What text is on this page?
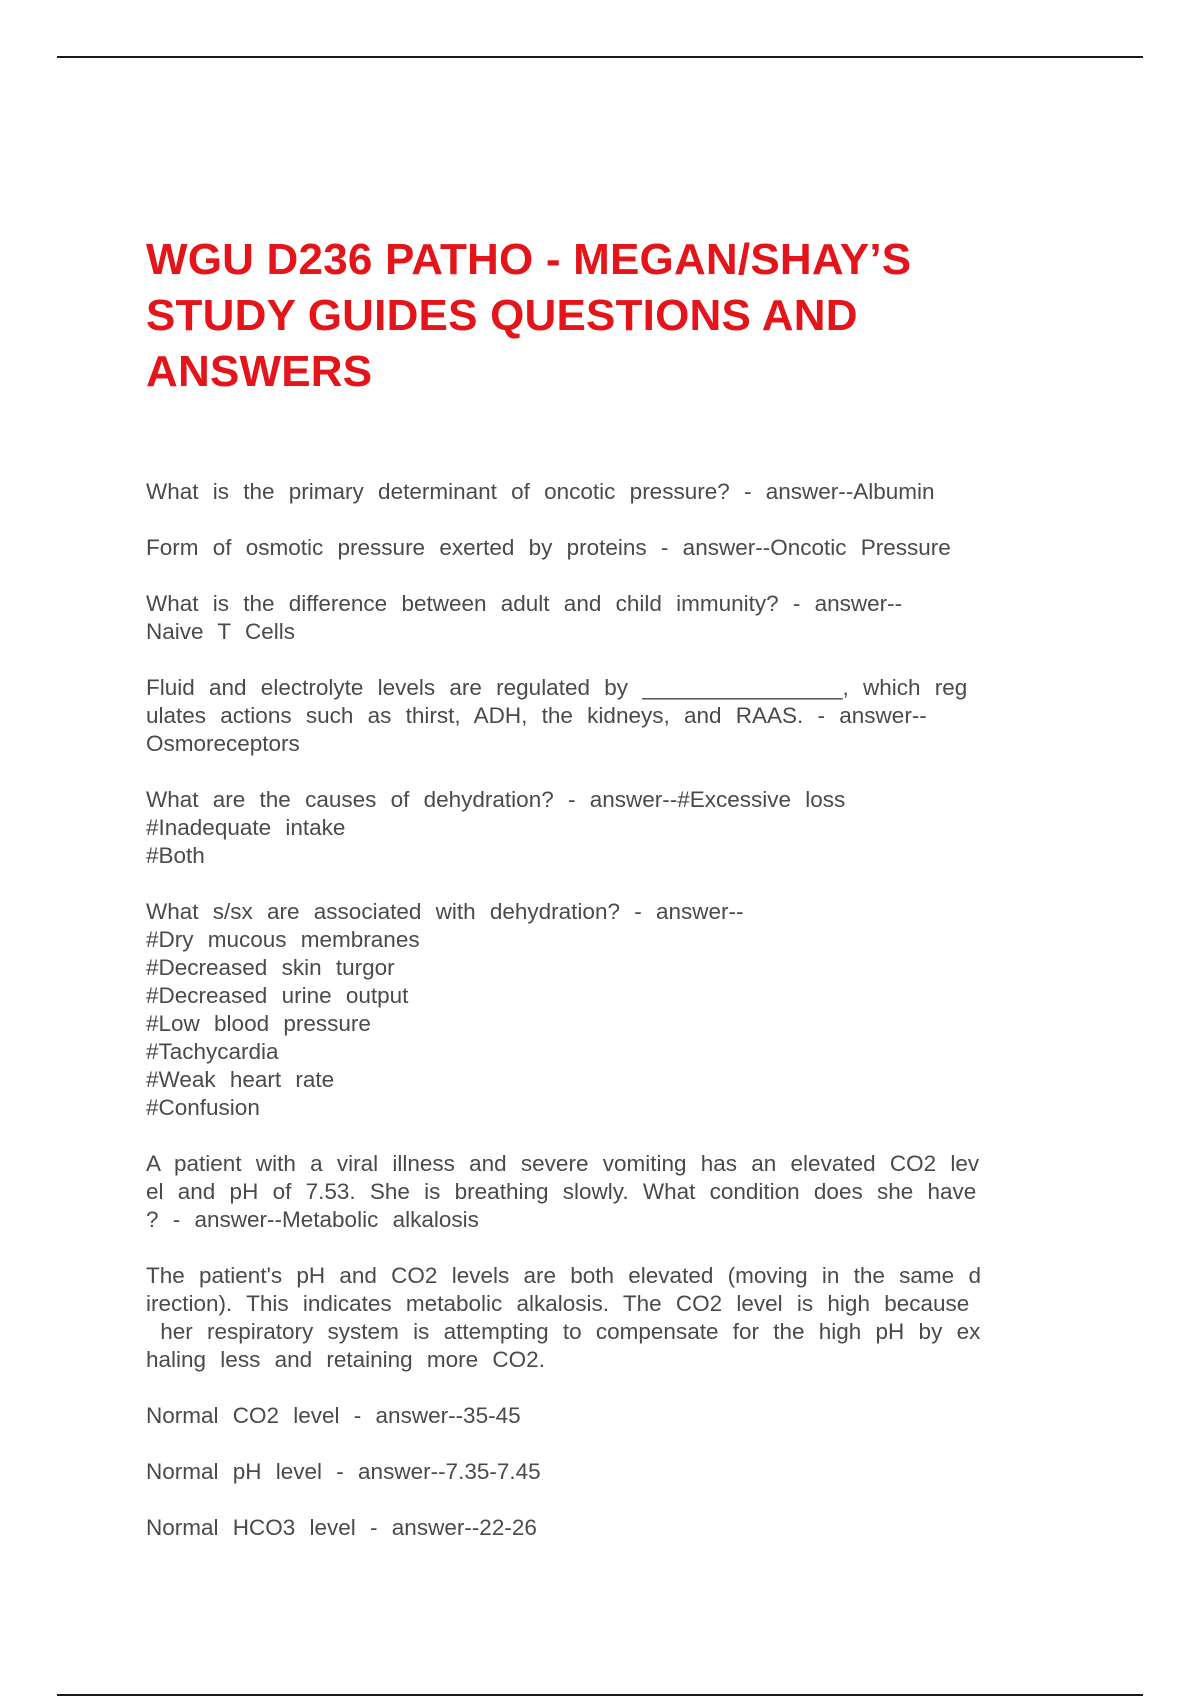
WGU D236 PATHO - MEGAN/SHAY’S
STUDY GUIDES QUESTIONS AND
ANSWERS

What is the primary determinant of oncotic pressure? - answer--Albumin

Form of osmotic pressure exerted by proteins - answer--Oncotic Pressure

What is the difference between adult and child immunity? - answer--
Naive T Cells

Fluid and electrolyte levels are regulated by ________________, which reg
ulates actions such as thirst, ADH, the kidneys, and RAAS. - answer--
Osmoreceptors

What are the causes of dehydration? - answer--#Excessive loss
#Inadequate intake
#Both

What s/sx are associated with dehydration? - answer--
#Dry mucous membranes
#Decreased skin turgor
#Decreased urine output
#Low blood pressure
#Tachycardia
#Weak heart rate
#Confusion

A patient with a viral illness and severe vomiting has an elevated CO2 lev
el and pH of 7.53. She is breathing slowly. What condition does she have
? - answer--Metabolic alkalosis

The patient's pH and CO2 levels are both elevated (moving in the same d
irection). This indicates metabolic alkalosis. The CO2 level is high because
her respiratory system is attempting to compensate for the high pH by ex
haling less and retaining more CO2.

Normal CO2 level - answer--35-45

Normal pH level - answer--7.35-7.45

Normal HCO3 level - answer--22-26
